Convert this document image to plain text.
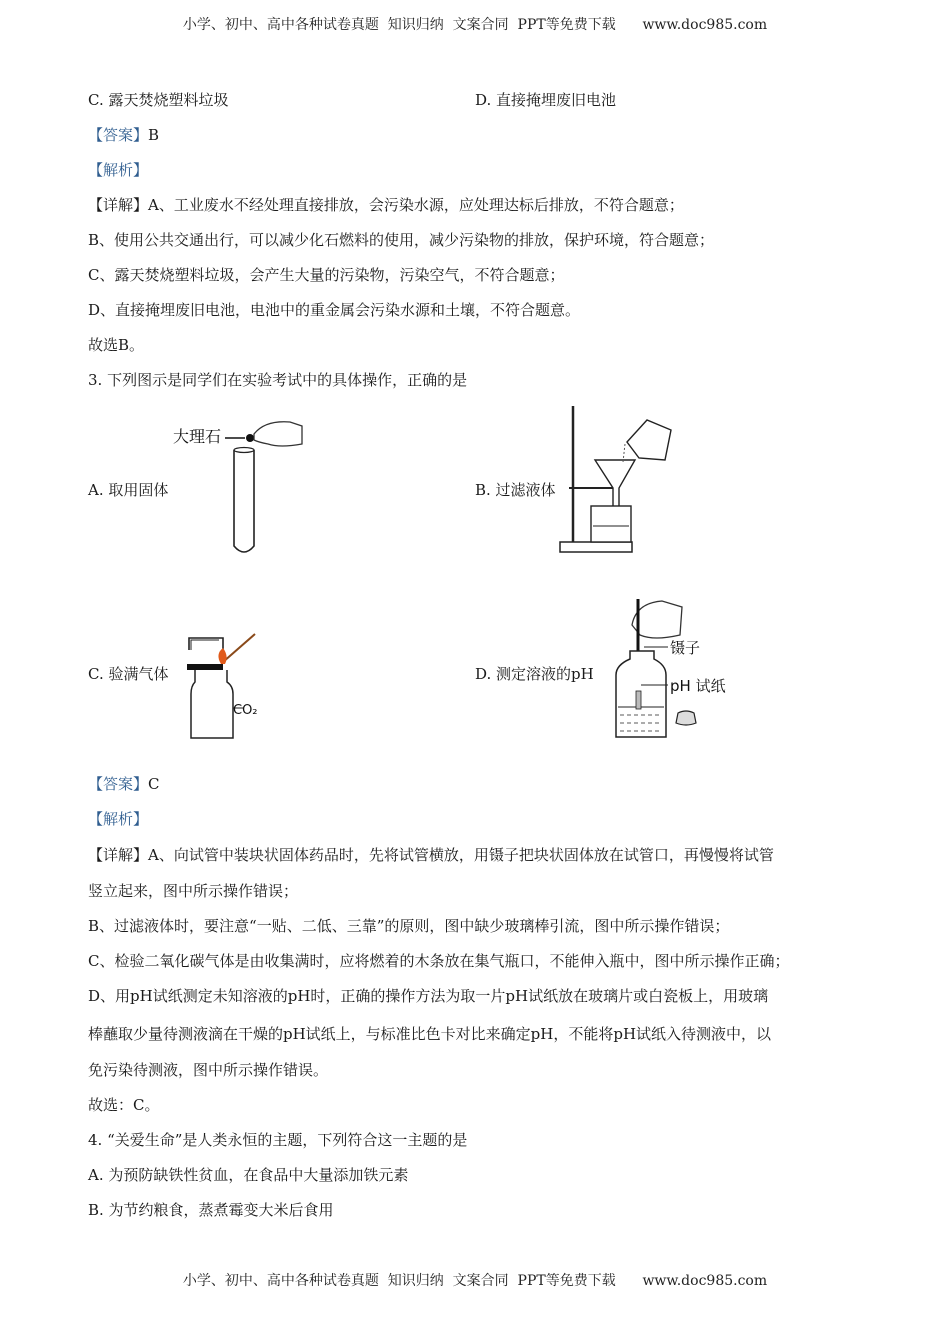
小学、初中、高中各种试卷真题  知识归纳  文案合同  PPT等免费下载      www.doc985.com
C. 露天焚烧塑料垃圾	D. 直接掩埋废旧电池
【答案】B
【解析】
【详解】A、工业废水不经处理直接排放，会污染水源，应处理达标后排放，不符合题意；
B、使用公共交通出行，可以减少化石燃料的使用，减少污染物的排放，保护环境，符合题意；
C、露天焚烧塑料垃圾，会产生大量的污染物，污染空气，不符合题意；
D、直接掩埋废旧电池，电池中的重金属会污染水源和土壤，不符合题意。
故选B。
3. 下列图示是同学们在实验考试中的具体操作，正确的是
A. 取用固体	B. 过滤液体
C. 验满气体	D. 测定溶液的pH
大理石
CO₂
镊子
pH 试纸
【答案】C
【解析】
【详解】A、向试管中装块状固体药品时，先将试管横放，用镊子把块状固体放在试管口，再慢慢将试管
竖立起来，图中所示操作错误；
B、过滤液体时，要注意“一贴、二低、三靠”的原则，图中缺少玻璃棒引流，图中所示操作错误；
C、检验二氧化碳气体是由收集满时，应将燃着的木条放在集气瓶口，不能伸入瓶中，图中所示操作正确；
D、用pH试纸测定未知溶液的pH时，正确的操作方法为取一片pH试纸放在玻璃片或白瓷板上，用玻璃
棒蘸取少量待测液滴在干燥的pH试纸上，与标准比色卡对比来确定pH，不能将pH试纸入待测液中，以
免污染待测液，图中所示操作错误。
故选：C。
4. “关爱生命”是人类永恒的主题，下列符合这一主题的是
A. 为预防缺铁性贫血，在食品中大量添加铁元素
B. 为节约粮食，蒸煮霉变大米后食用
小学、初中、高中各种试卷真题  知识归纳  文案合同  PPT等免费下载      www.doc985.com
